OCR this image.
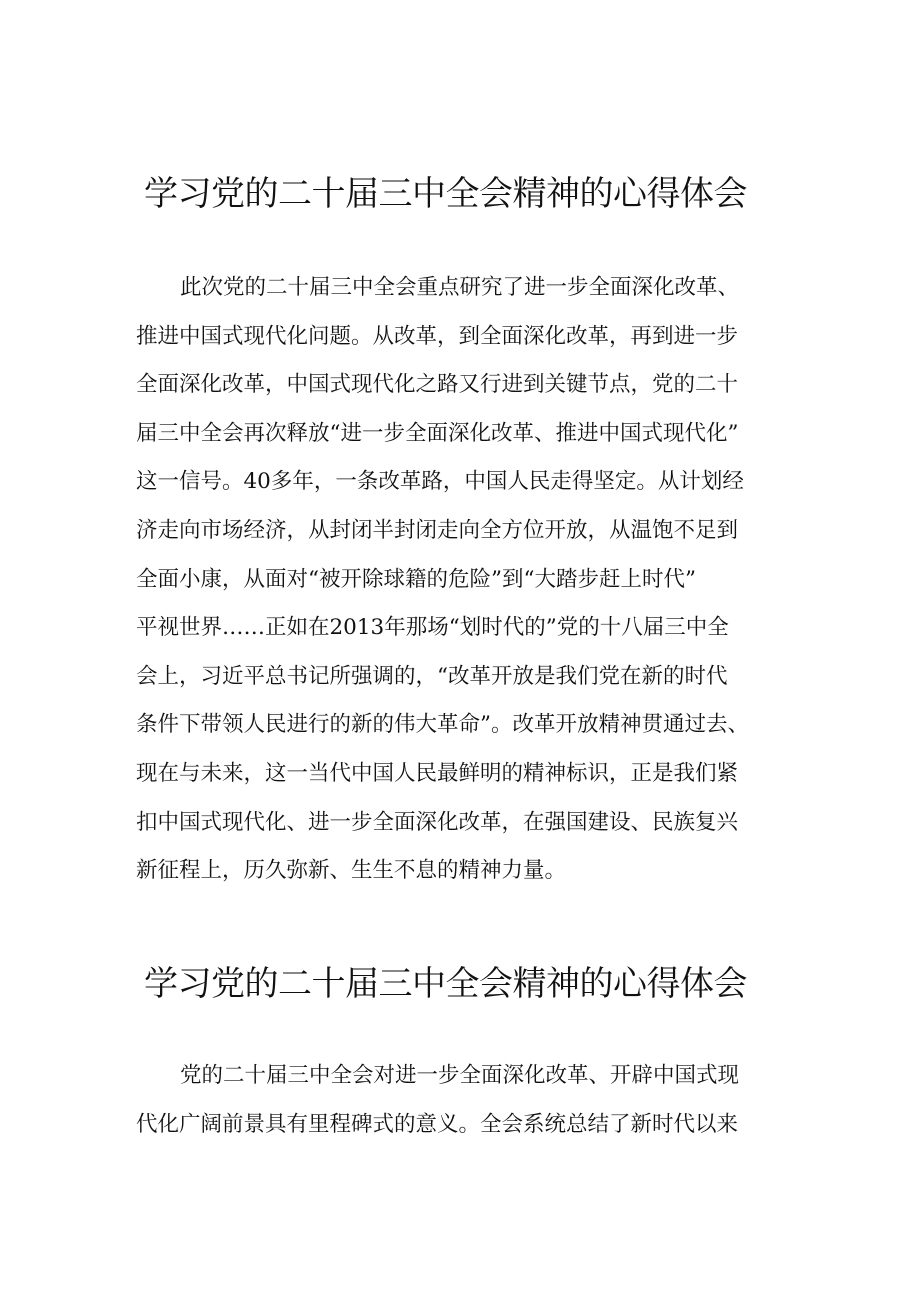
学习党的二十届三中全会精神的心得体会
此次党的二十届三中全会重点研究了进一步全面深化改革、
推进中国式现代化问题。从改革，到全面深化改革，再到进一步
全面深化改革，中国式现代化之路又行进到关键节点，党的二十
届三中全会再次释放“进一步全面深化改革、推进中国式现代化”
这一信号。40多年，一条改革路，中国人民走得坚定。从计划经
济走向市场经济，从封闭半封闭走向全方位开放，从温饱不足到
全面小康，从面对“被开除球籍的危险”到“大踏步赶上时代”
平视世界……正如在2013年那场“划时代的”党的十八届三中全
会上，习近平总书记所强调的，“改革开放是我们党在新的时代
条件下带领人民进行的新的伟大革命”。改革开放精神贯通过去、
现在与未来，这一当代中国人民最鲜明的精神标识，正是我们紧
扣中国式现代化、进一步全面深化改革，在强国建设、民族复兴
新征程上，历久弥新、生生不息的精神力量。
学习党的二十届三中全会精神的心得体会
党的二十届三中全会对进一步全面深化改革、开辟中国式现
代化广阔前景具有里程碑式的意义。全会系统总结了新时代以来
